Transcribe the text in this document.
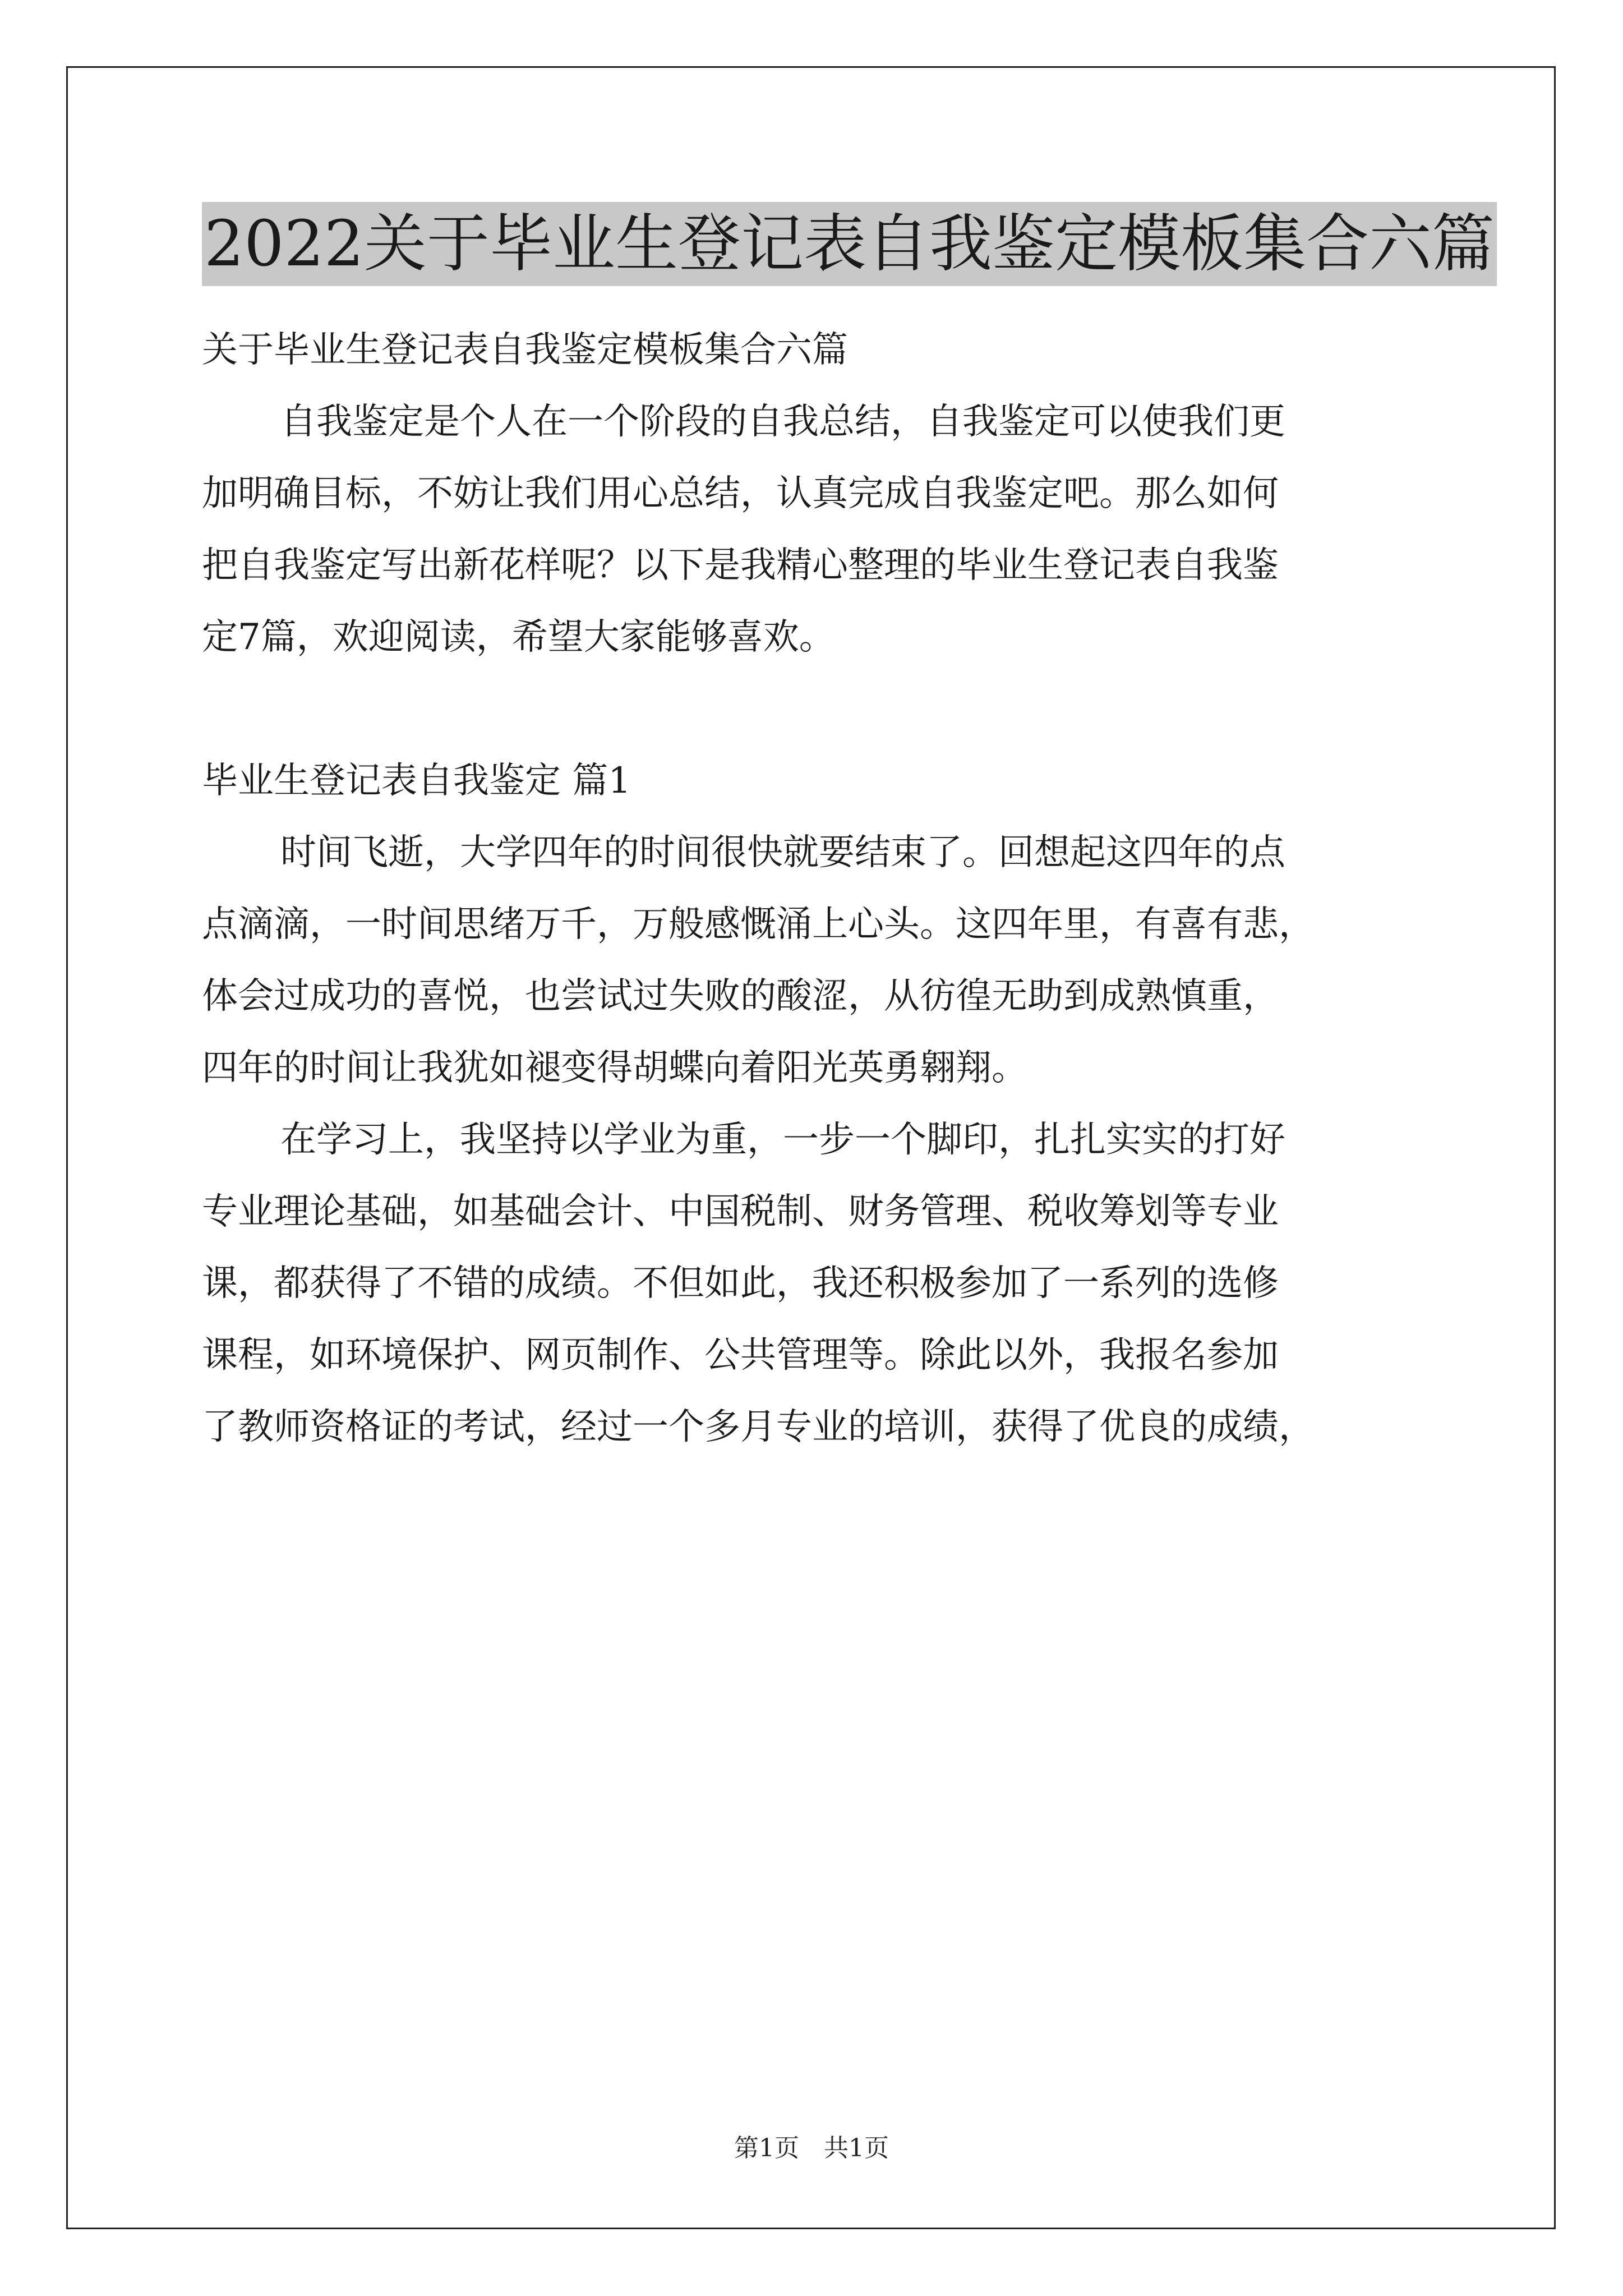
2022关于毕业生登记表自我鉴定模板集合六篇
关于毕业生登记表自我鉴定模板集合六篇
自我鉴定是个人在一个阶段的自我总结，自我鉴定可以使我们更
加明确目标，不妨让我们用心总结，认真完成自我鉴定吧。那么如何
把自我鉴定写出新花样呢？以下是我精心整理的毕业生登记表自我鉴
定7篇，欢迎阅读，希望大家能够喜欢。
毕业生登记表自我鉴定 篇1
时间飞逝，大学四年的时间很快就要结束了。回想起这四年的点
点滴滴，一时间思绪万千，万般感慨涌上心头。这四年里，有喜有悲，
体会过成功的喜悦，也尝试过失败的酸涩，从彷徨无助到成熟慎重，
四年的时间让我犹如褪变得胡蝶向着阳光英勇翱翔。
在学习上，我坚持以学业为重，一步一个脚印，扎扎实实的打好
专业理论基础，如基础会计、中国税制、财务管理、税收筹划等专业
课，都获得了不错的成绩。不但如此，我还积极参加了一系列的选修
课程，如环境保护、网页制作、公共管理等。除此以外，我报名参加
了教师资格证的考试，经过一个多月专业的培训，获得了优良的成绩，
第1页　共1页
